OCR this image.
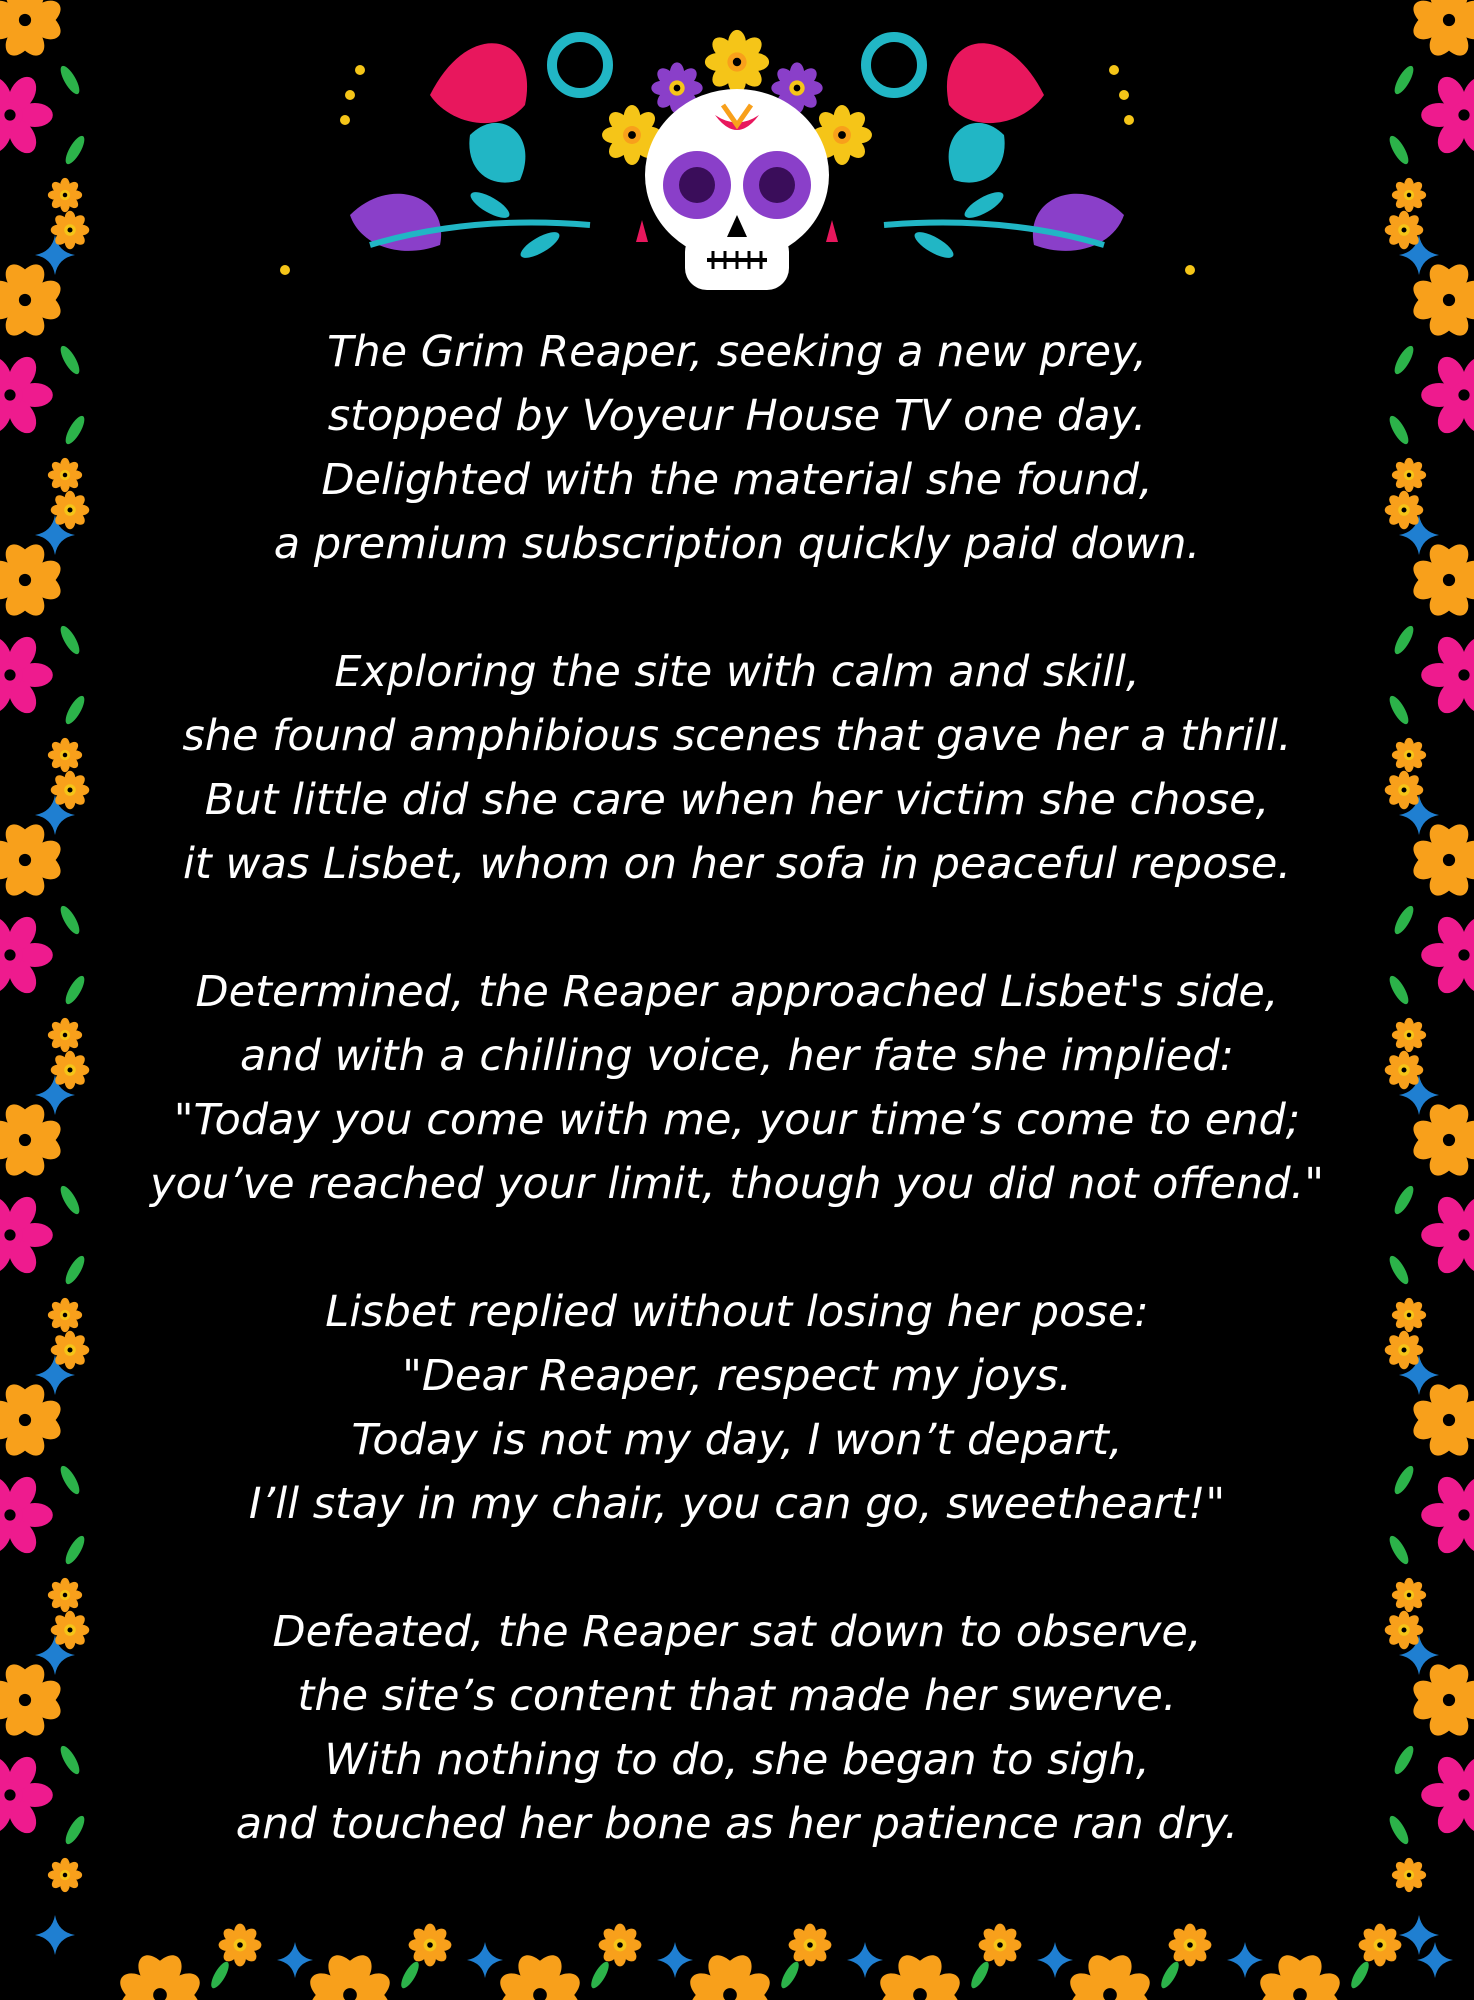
The Grim Reaper, seeking a new prey,
stopped by Voyeur House TV one day.
Delighted with the material she found,
a premium subscription quickly paid down.
Exploring the site with calm and skill,
she found amphibious scenes that gave her a thrill.
But little did she care when her victim she chose,
it was Lisbet, whom on her sofa in peaceful repose.
Determined, the Reaper approached Lisbet's side,
and with a chilling voice, her fate she implied:
"Today you come with me, your time’s come to end;
you’ve reached your limit, though you did not offend."
Lisbet replied without losing her pose:
"Dear Reaper, respect my joys.
Today is not my day, I won’t depart,
I’ll stay in my chair, you can go, sweetheart!"
Defeated, the Reaper sat down to observe,
the site’s content that made her swerve.
With nothing to do, she began to sigh,
and touched her bone as her patience ran dry.
